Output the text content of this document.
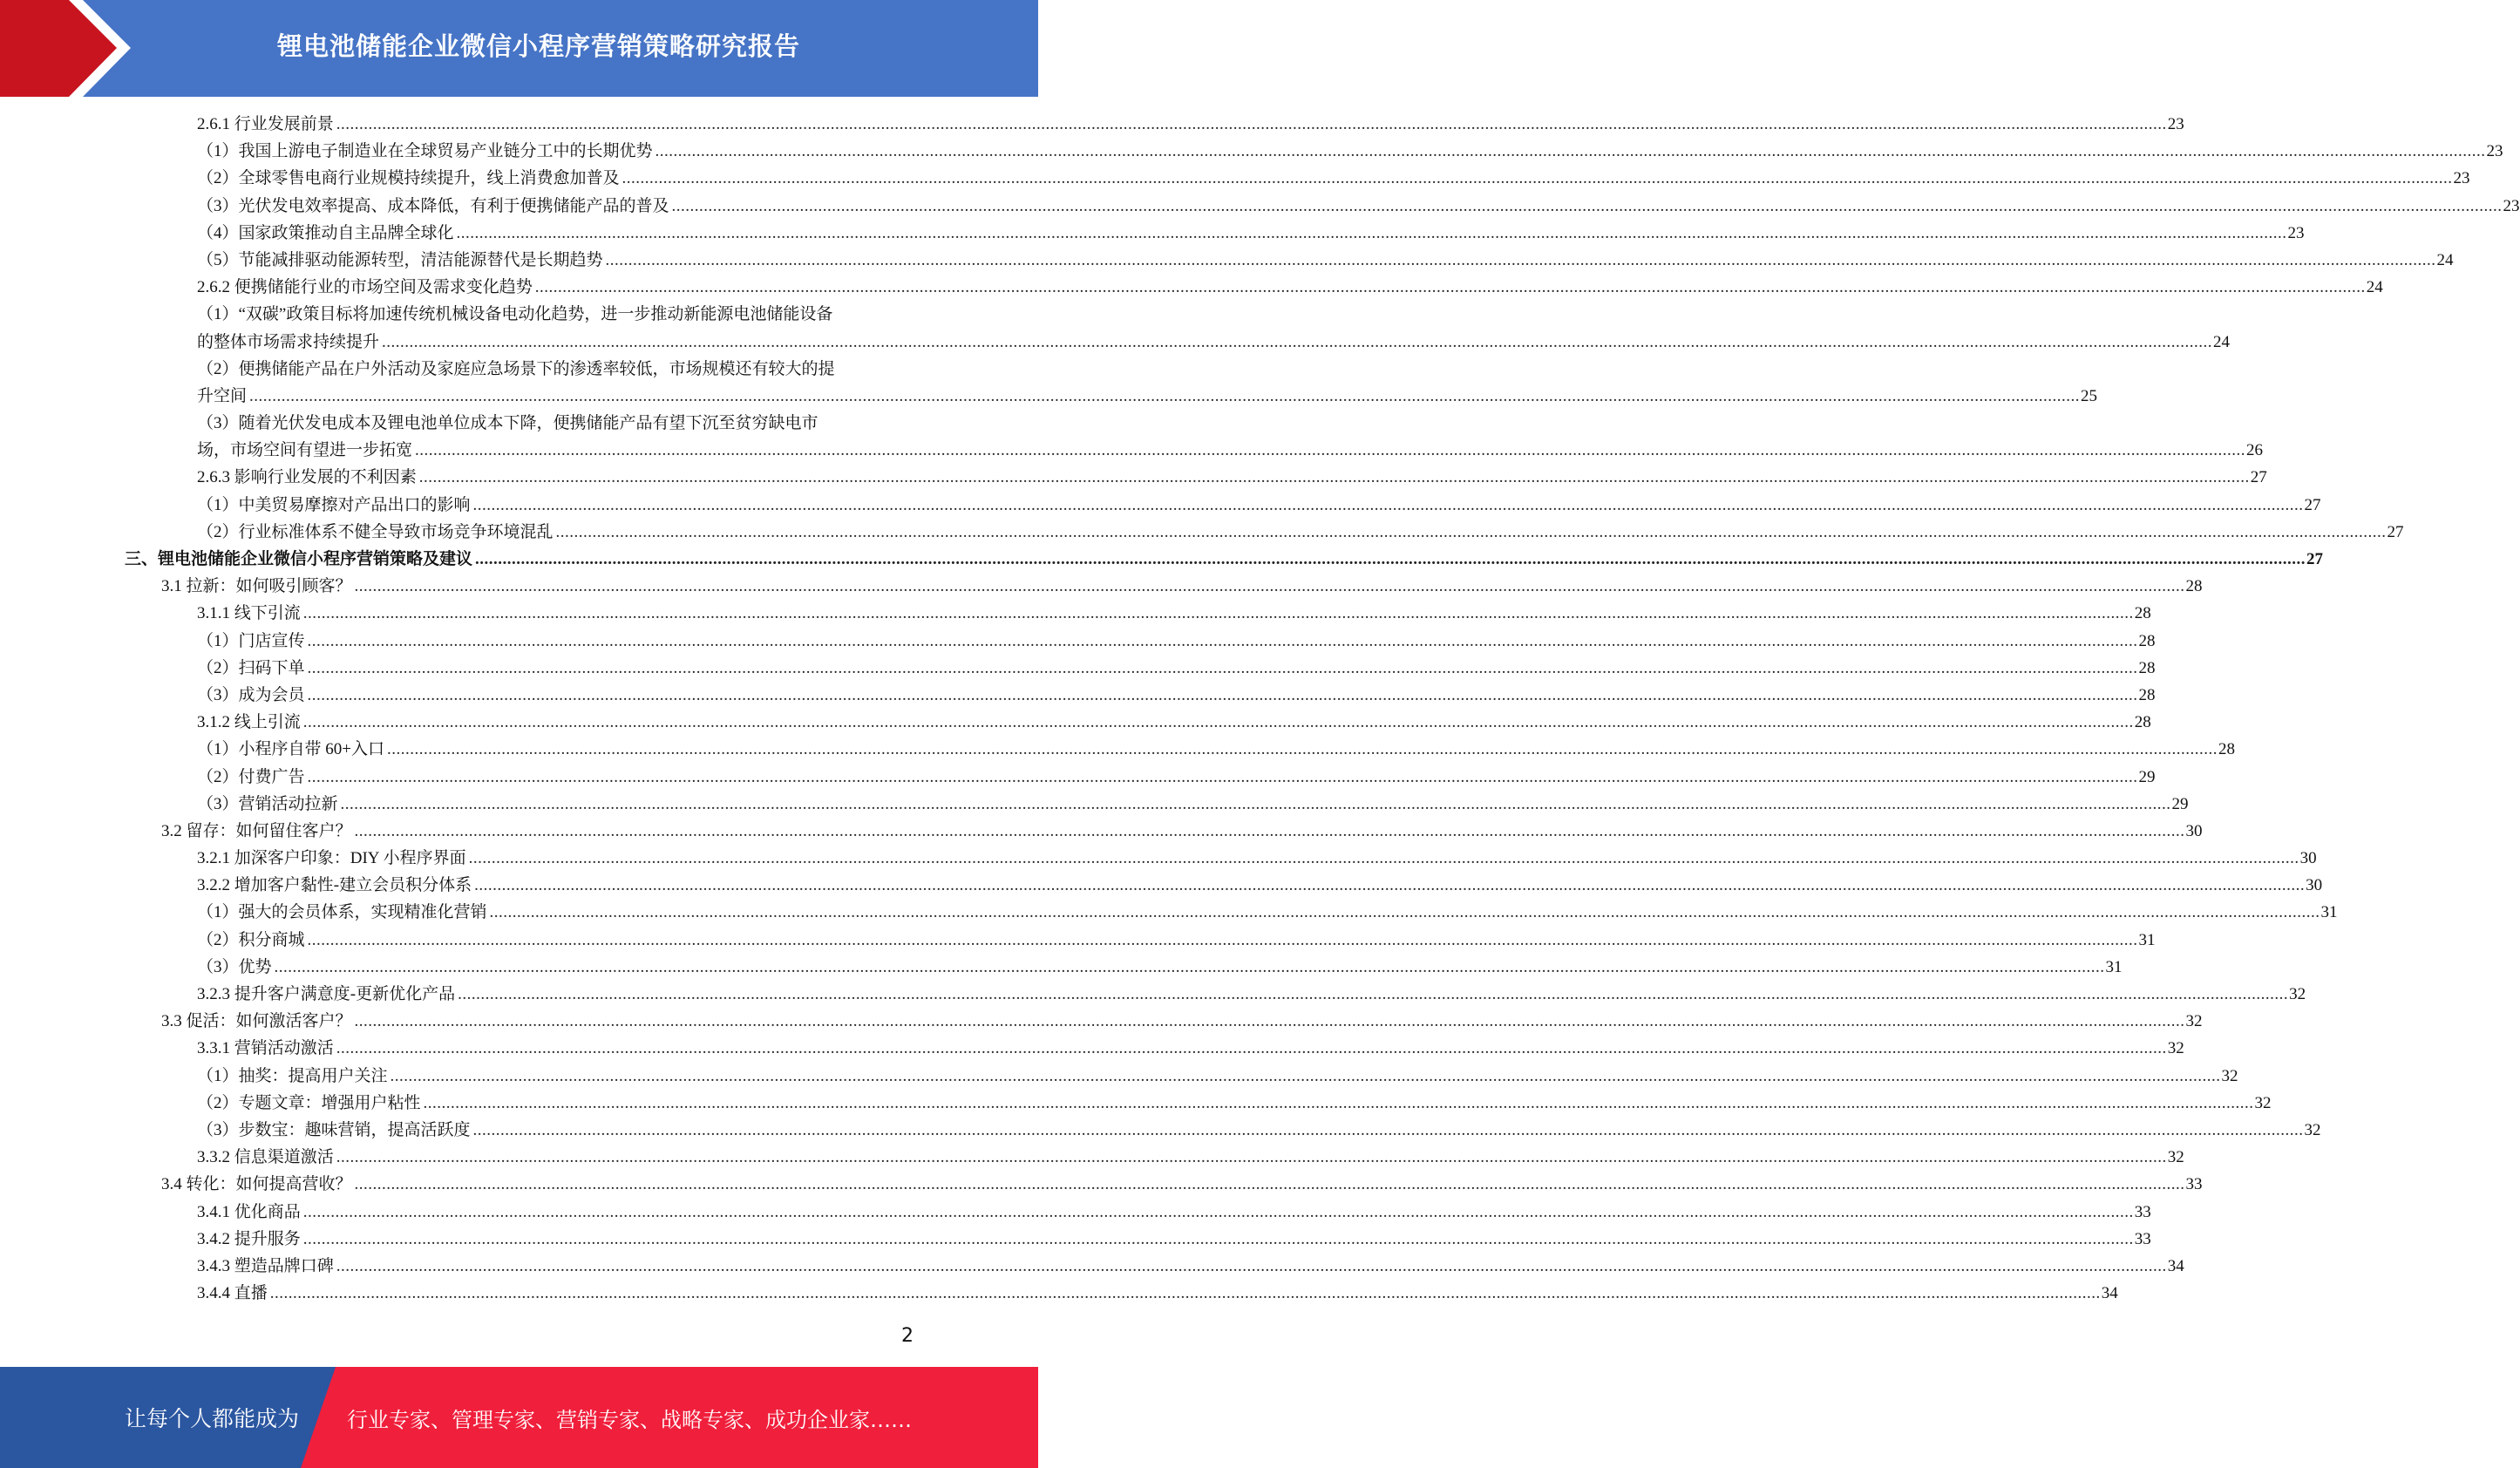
锂电池储能企业微信小程序营销策略研究报告
2.6.1 行业发展前景 ................................................................................................................................................................................................................................................................................................................................................................................................................ 23
（1）我国上游电子制造业在全球贸易产业链分工中的长期优势 ................................................................................................................................................................................................................................................................................................................................................................................................................ 23
（2）全球零售电商行业规模持续提升，线上消费愈加普及 ................................................................................................................................................................................................................................................................................................................................................................................................................ 23
（3）光伏发电效率提高、成本降低，有利于便携储能产品的普及 ................................................................................................................................................................................................................................................................................................................................................................................................................ 23
（4）国家政策推动自主品牌全球化 ................................................................................................................................................................................................................................................................................................................................................................................................................ 23
（5）节能减排驱动能源转型，清洁能源替代是长期趋势 ................................................................................................................................................................................................................................................................................................................................................................................................................ 24
2.6.2 便携储能行业的市场空间及需求变化趋势 ................................................................................................................................................................................................................................................................................................................................................................................................................ 24
（1）“双碳”政策目标将加速传统机械设备电动化趋势，进一步推动新能源电池储能设备
的整体市场需求持续提升 ................................................................................................................................................................................................................................................................................................................................................................................................................ 24
（2）便携储能产品在户外活动及家庭应急场景下的渗透率较低，市场规模还有较大的提
升空间 ................................................................................................................................................................................................................................................................................................................................................................................................................ 25
（3）随着光伏发电成本及锂电池单位成本下降，便携储能产品有望下沉至贫穷缺电市
场，市场空间有望进一步拓宽 ................................................................................................................................................................................................................................................................................................................................................................................................................ 26
2.6.3 影响行业发展的不利因素 ................................................................................................................................................................................................................................................................................................................................................................................................................ 27
（1）中美贸易摩擦对产品出口的影响 ................................................................................................................................................................................................................................................................................................................................................................................................................ 27
（2）行业标准体系不健全导致市场竞争环境混乱 ................................................................................................................................................................................................................................................................................................................................................................................................................ 27
三、锂电池储能企业微信小程序营销策略及建议 ................................................................................................................................................................................................................................................................................................................................................................................................................ 27
3.1 拉新：如何吸引顾客？ ................................................................................................................................................................................................................................................................................................................................................................................................................ 28
3.1.1 线下引流 ................................................................................................................................................................................................................................................................................................................................................................................................................ 28
（1）门店宣传 ................................................................................................................................................................................................................................................................................................................................................................................................................ 28
（2）扫码下单 ................................................................................................................................................................................................................................................................................................................................................................................................................ 28
（3）成为会员 ................................................................................................................................................................................................................................................................................................................................................................................................................ 28
3.1.2 线上引流 ................................................................................................................................................................................................................................................................................................................................................................................................................ 28
（1）小程序自带 60+入口 ................................................................................................................................................................................................................................................................................................................................................................................................................ 28
（2）付费广告 ................................................................................................................................................................................................................................................................................................................................................................................................................ 29
（3）营销活动拉新 ................................................................................................................................................................................................................................................................................................................................................................................................................ 29
3.2 留存：如何留住客户？ ................................................................................................................................................................................................................................................................................................................................................................................................................ 30
3.2.1 加深客户印象：DIY 小程序界面 ................................................................................................................................................................................................................................................................................................................................................................................................................ 30
3.2.2 增加客户黏性-建立会员积分体系 ................................................................................................................................................................................................................................................................................................................................................................................................................ 30
（1）强大的会员体系，实现精准化营销 ................................................................................................................................................................................................................................................................................................................................................................................................................ 31
（2）积分商城 ................................................................................................................................................................................................................................................................................................................................................................................................................ 31
（3）优势 ................................................................................................................................................................................................................................................................................................................................................................................................................ 31
3.2.3 提升客户满意度-更新优化产品 ................................................................................................................................................................................................................................................................................................................................................................................................................ 32
3.3 促活：如何激活客户？ ................................................................................................................................................................................................................................................................................................................................................................................................................ 32
3.3.1 营销活动激活 ................................................................................................................................................................................................................................................................................................................................................................................................................ 32
（1）抽奖：提高用户关注 ................................................................................................................................................................................................................................................................................................................................................................................................................ 32
（2）专题文章：增强用户粘性 ................................................................................................................................................................................................................................................................................................................................................................................................................ 32
（3）步数宝：趣味营销，提高活跃度 ................................................................................................................................................................................................................................................................................................................................................................................................................ 32
3.3.2 信息渠道激活 ................................................................................................................................................................................................................................................................................................................................................................................................................ 32
3.4 转化：如何提高营收？ ................................................................................................................................................................................................................................................................................................................................................................................................................ 33
3.4.1 优化商品 ................................................................................................................................................................................................................................................................................................................................................................................................................ 33
3.4.2 提升服务 ................................................................................................................................................................................................................................................................................................................................................................................................................ 33
3.4.3 塑造品牌口碑 ................................................................................................................................................................................................................................................................................................................................................................................................................ 34
3.4.4 直播 ................................................................................................................................................................................................................................................................................................................................................................................................................ 34
2
让每个人都能成为 行业专家、管理专家、营销专家、战略专家、成功企业家……
